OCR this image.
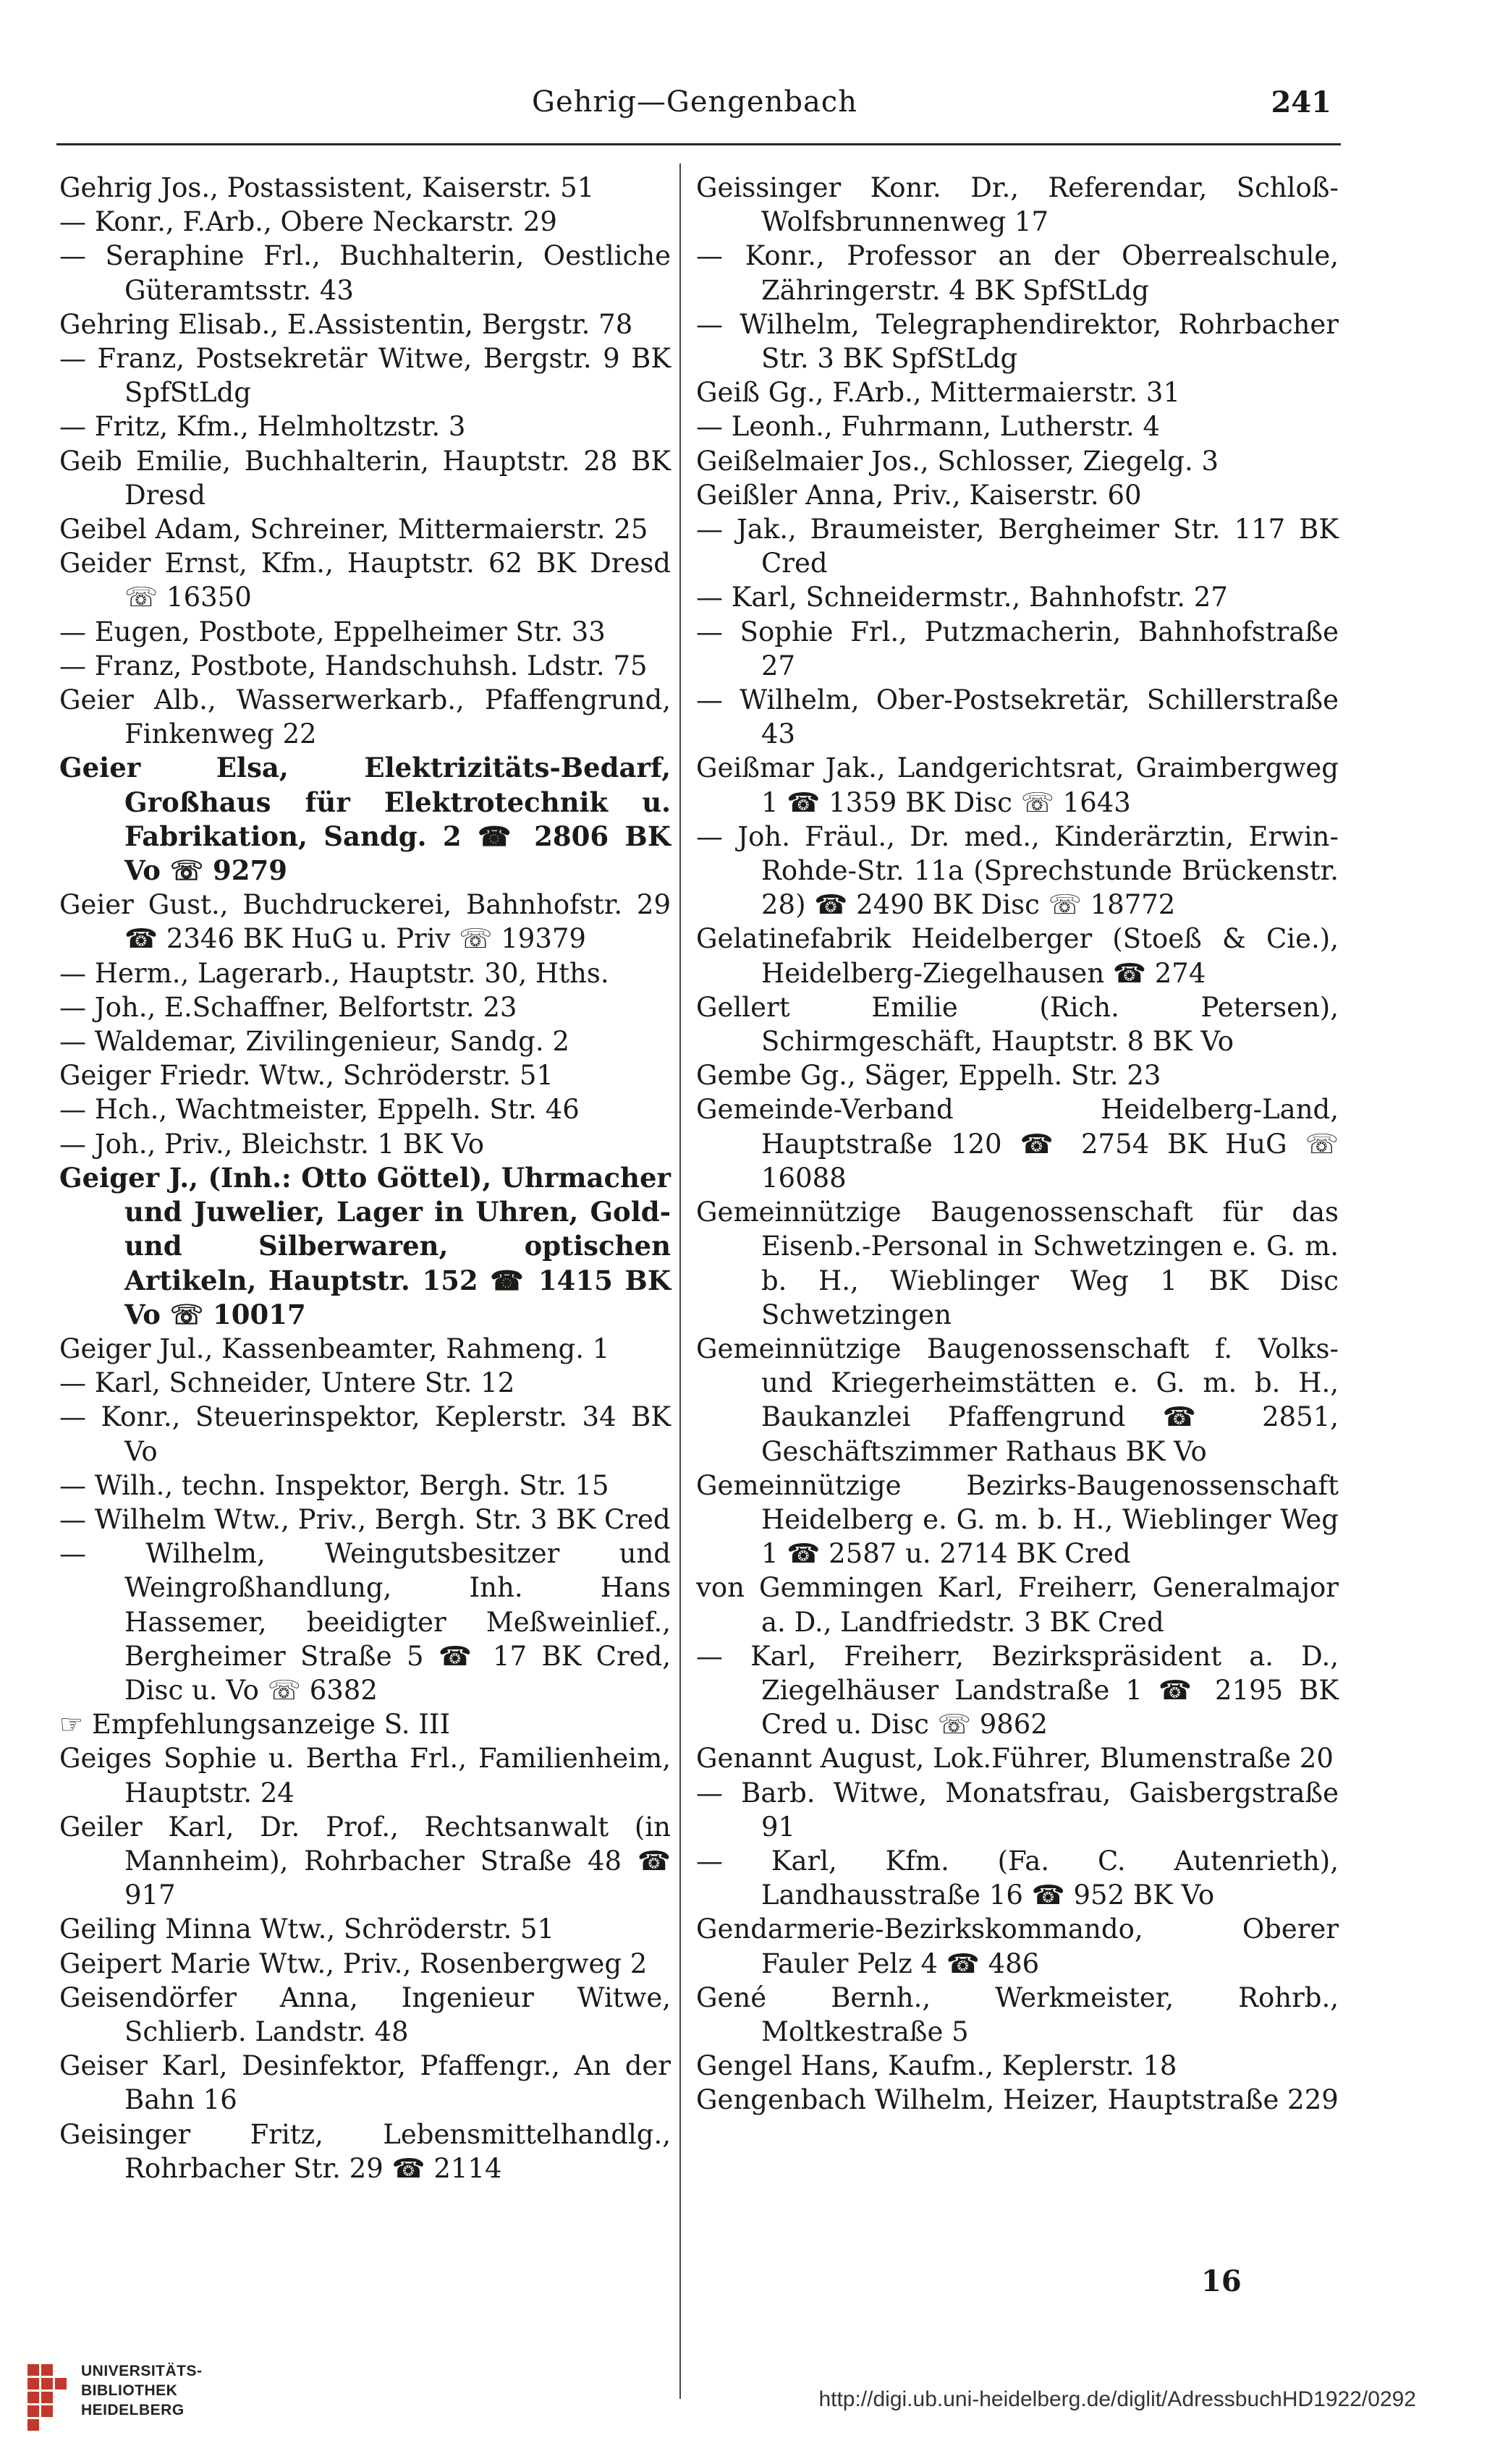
Gehrig—Gengenbach	241
Gehrig Jos., Postassistent, Kaiserstr. 51
— Konr., F.Arb., Obere Neckarstr. 29
— Seraphine Frl., Buchhalterin, Oestliche Güteramtsstr. 43
Gehring Elisab., E.Assistentin, Bergstr. 78
— Franz, Postsekretär Witwe, Bergstr. 9 BK SpfStLdg
— Fritz, Kfm., Helmholtzstr. 3
Geib Emilie, Buchhalterin, Hauptstr. 28 BK Dresd
Geibel Adam, Schreiner, Mittermaierstr. 25
Geider Ernst, Kfm., Hauptstr. 62 BK Dresd ☏ 16350
— Eugen, Postbote, Eppelheimer Str. 33
— Franz, Postbote, Handschuhsh. Ldstr. 75
Geier Alb., Wasserwerkarb., Pfaffengrund, Finkenweg 22
Geier Elsa, Elektrizitäts-Bedarf, Großhaus für Elektrotechnik u. Fabrikation, Sandg. 2 ☎ 2806 BK Vo ☏ 9279
Geier Gust., Buchdruckerei, Bahnhofstr. 29 ☎ 2346 BK HuG u. Priv ☏ 19379
— Herm., Lagerarb., Hauptstr. 30, Hths.
— Joh., E.Schaffner, Belfortstr. 23
— Waldemar, Zivilingenieur, Sandg. 2
Geiger Friedr. Wtw., Schröderstr. 51
— Hch., Wachtmeister, Eppelh. Str. 46
— Joh., Priv., Bleichstr. 1 BK Vo
Geiger J., (Inh.: Otto Göttel), Uhrmacher und Juwelier, Lager in Uhren, Gold- und Silberwaren, optischen Artikeln, Hauptstr. 152 ☎ 1415 BK Vo ☏ 10017
Geiger Jul., Kassenbeamter, Rahmeng. 1
— Karl, Schneider, Untere Str. 12
— Konr., Steuerinspektor, Keplerstr. 34 BK Vo
— Wilh., techn. Inspektor, Bergh. Str. 15
— Wilhelm Wtw., Priv., Bergh. Str. 3 BK Cred
— Wilhelm, Weingutsbesitzer und Weingroßhandlung, Inh. Hans Hassemer, beeidigter Meßweinlief., Bergheimer Straße 5 ☎ 17 BK Cred, Disc u. Vo ☏ 6382
☞ Empfehlungsanzeige S. III
Geiges Sophie u. Bertha Frl., Familienheim, Hauptstr. 24
Geiler Karl, Dr. Prof., Rechtsanwalt (in Mannheim), Rohrbacher Straße 48 ☎ 917
Geiling Minna Wtw., Schröderstr. 51
Geipert Marie Wtw., Priv., Rosenbergweg 2
Geisendörfer Anna, Ingenieur Witwe, Schlierb. Landstr. 48
Geiser Karl, Desinfektor, Pfaffengr., An der Bahn 16
Geisinger Fritz, Lebensmittelhandlg., Rohrbacher Str. 29 ☎ 2114
Geissinger Konr. Dr., Referendar, Schloß-Wolfsbrunnenweg 17
— Konr., Professor an der Oberrealschule, Zähringerstr. 4 BK SpfStLdg
— Wilhelm, Telegraphendirektor, Rohrbacher Str. 3 BK SpfStLdg
Geiß Gg., F.Arb., Mittermaierstr. 31
— Leonh., Fuhrmann, Lutherstr. 4
Geißelmaier Jos., Schlosser, Ziegelg. 3
Geißler Anna, Priv., Kaiserstr. 60
— Jak., Braumeister, Bergheimer Str. 117 BK Cred
— Karl, Schneidermstr., Bahnhofstr. 27
— Sophie Frl., Putzmacherin, Bahnhofstraße 27
— Wilhelm, Ober-Postsekretär, Schillerstraße 43
Geißmar Jak., Landgerichtsrat, Graimbergweg 1 ☎ 1359 BK Disc ☏ 1643
— Joh. Fräul., Dr. med., Kinderärztin, Erwin-Rohde-Str. 11a (Sprechstunde Brückenstr. 28) ☎ 2490 BK Disc ☏ 18772
Gelatinefabrik Heidelberger (Stoeß & Cie.), Heidelberg-Ziegelhausen ☎ 274
Gellert Emilie (Rich. Petersen), Schirmgeschäft, Hauptstr. 8 BK Vo
Gembe Gg., Säger, Eppelh. Str. 23
Gemeinde-Verband Heidelberg-Land, Hauptstraße 120 ☎ 2754 BK HuG ☏ 16088
Gemeinnützige Baugenossenschaft für das Eisenb.-Personal in Schwetzingen e. G. m. b. H., Wieblinger Weg 1 BK Disc Schwetzingen
Gemeinnützige Baugenossenschaft f. Volks- und Kriegerheimstätten e. G. m. b. H., Baukanzlei Pfaffengrund ☎ 2851, Geschäftszimmer Rathaus BK Vo
Gemeinnützige Bezirks-Baugenossenschaft Heidelberg e. G. m. b. H., Wieblinger Weg 1 ☎ 2587 u. 2714 BK Cred
von Gemmingen Karl, Freiherr, Generalmajor a. D., Landfriedstr. 3 BK Cred
— Karl, Freiherr, Bezirkspräsident a. D., Ziegelhäuser Landstraße 1 ☎ 2195 BK Cred u. Disc ☏ 9862
Genannt August, Lok.Führer, Blumenstraße 20
— Barb. Witwe, Monatsfrau, Gaisbergstraße 91
— Karl, Kfm. (Fa. C. Autenrieth), Landhausstraße 16 ☎ 952 BK Vo
Gendarmerie-Bezirkskommando, Oberer Fauler Pelz 4 ☎ 486
Gené Bernh., Werkmeister, Rohrb., Moltkestraße 5
Gengel Hans, Kaufm., Keplerstr. 18
Gengenbach Wilhelm, Heizer, Hauptstraße 229
16
UNIVERSITÄTS-
BIBLIOTHEK
HEIDELBERG	http://digi.ub.uni-heidelberg.de/diglit/AdressbuchHD1922/0292
